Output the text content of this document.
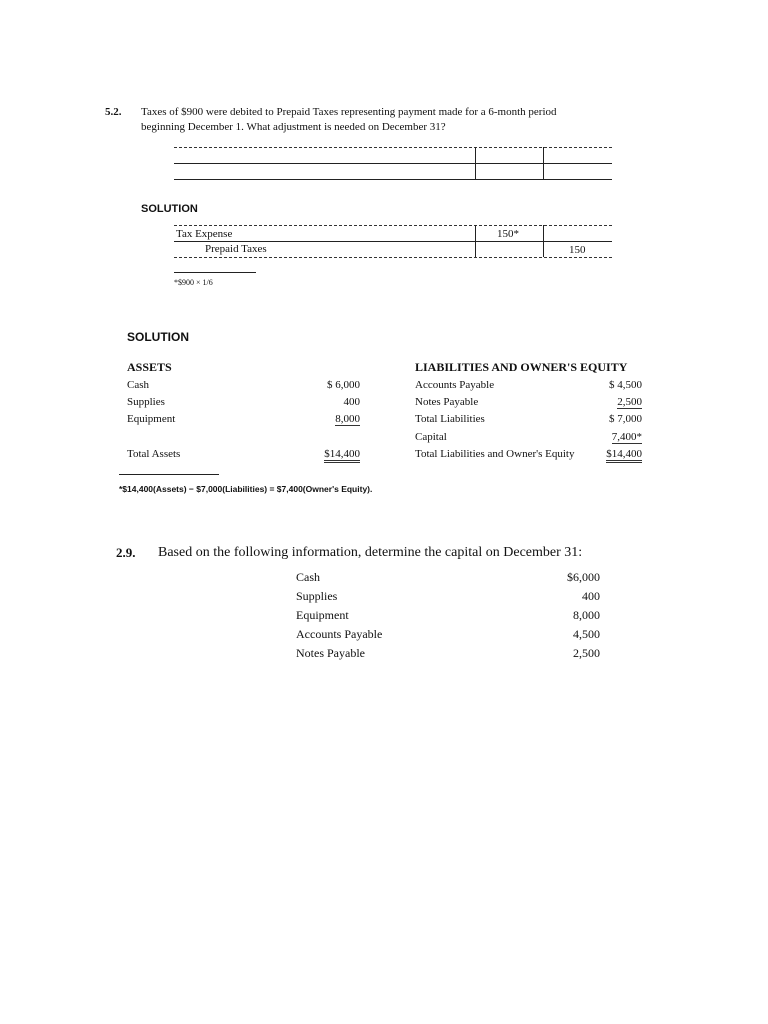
5.2. Taxes of $900 were debited to Prepaid Taxes representing payment made for a 6-month period
beginning December 1. What adjustment is needed on December 31?
SOLUTION
Tax Expense	150*
Prepaid Taxes	150
*$900 × 1/6
SOLUTION
ASSETS	LIABILITIES AND OWNER'S EQUITY
Cash	$ 6,000
Supplies	400
Equipment	8,000
Total Assets	$14,400
Accounts Payable	$ 4,500
Notes Payable	2,500
Total Liabilities	$ 7,000
Capital	7,400*
Total Liabilities and Owner's Equity	$14,400
*$14,400(Assets) − $7,000(Liabilities) = $7,400(Owner's Equity).
2.9. Based on the following information, determine the capital on December 31:
Cash	$6,000
Supplies	400
Equipment	8,000
Accounts Payable	4,500
Notes Payable	2,500
